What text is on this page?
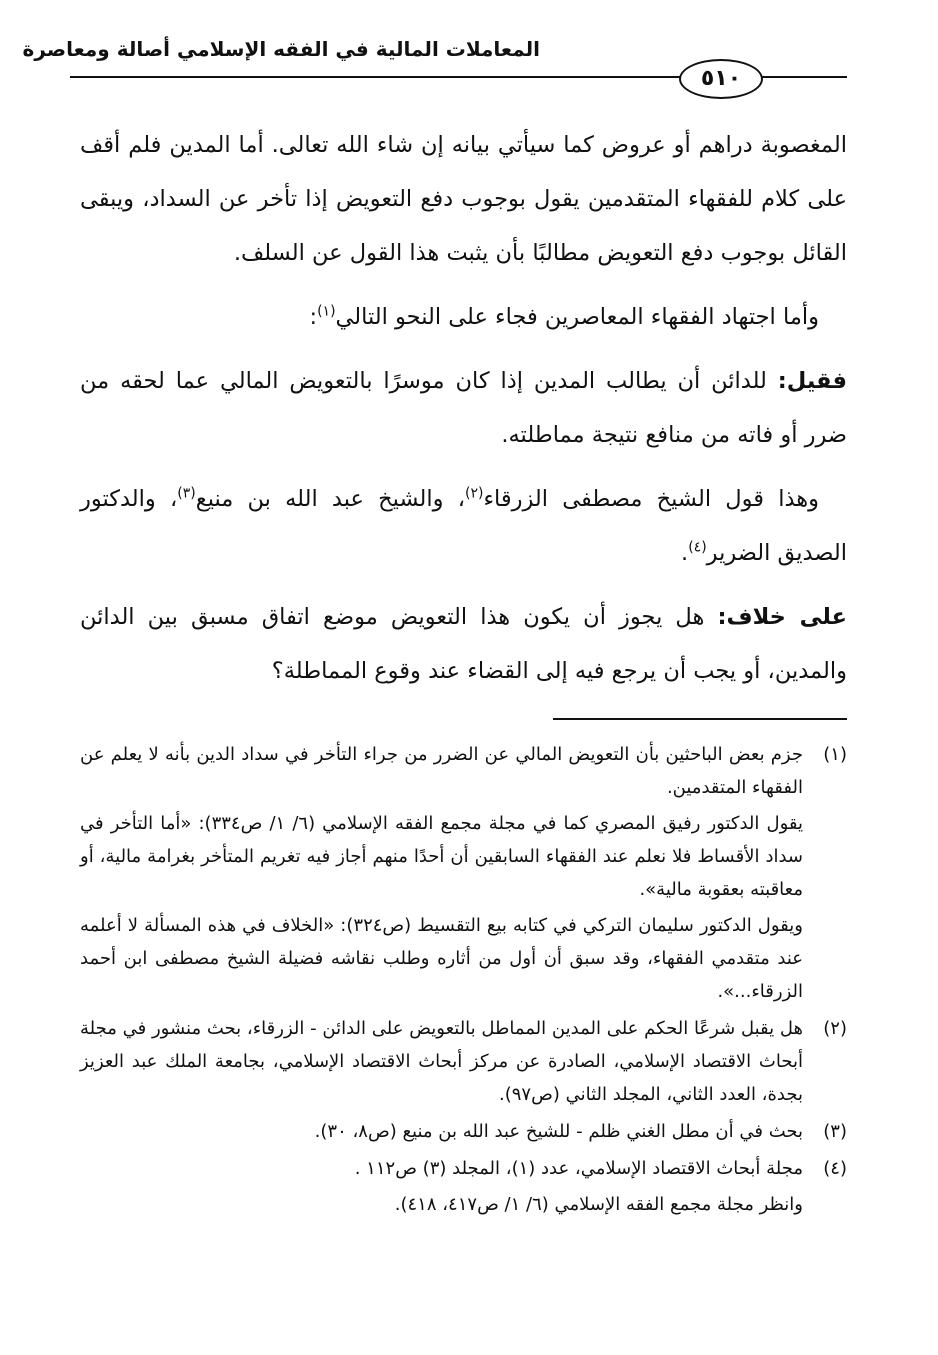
المعاملات المالية في الفقه الإسلامي أصالة ومعاصرة
٥١٠

المغصوبة دراهم أو عروض كما سيأتي بيانه إن شاء الله تعالى. أما المدين فلم أقف على كلام للفقهاء المتقدمين يقول بوجوب دفع التعويض إذا تأخر عن السداد، ويبقى القائل بوجوب دفع التعويض مطالبًا بأن يثبت هذا القول عن السلف.

وأما اجتهاد الفقهاء المعاصرين فجاء على النحو التالي$^{(١)}$:

فقيل: للدائن أن يطالب المدين إذا كان موسرًا بالتعويض المالي عما لحقه من ضرر أو فاته من منافع نتيجة مماطلته.

وهذا قول الشيخ مصطفى الزرقاء$^{(٢)}$، والشيخ عبد الله بن منيع$^{(٣)}$، والدكتور الصديق الضرير$^{(٤)}$.

على خلاف: هل يجوز أن يكون هذا التعويض موضع اتفاق مسبق بين الدائن والمدين، أو يجب أن يرجع فيه إلى القضاء عند وقوع المماطلة؟

(١)

جزم بعض الباحثين بأن التعويض المالي عن الضرر من جراء التأخر في سداد الدين بأنه لا يعلم عن الفقهاء المتقدمين.

يقول الدكتور رفيق المصري كما في مجلة مجمع الفقه الإسلامي (٦/ ١/ ص٣٣٤): «أما التأخر في سداد الأقساط فلا نعلم عند الفقهاء السابقين أن أحدًا منهم أجاز فيه تغريم المتأخر بغرامة مالية، أو معاقبته بعقوبة مالية».

ويقول الدكتور سليمان التركي في كتابه بيع التقسيط (ص٣٢٤): «الخلاف في هذه المسألة لا أعلمه عند متقدمي الفقهاء، وقد سبق أن أول من أثاره وطلب نقاشه فضيلة الشيخ مصطفى ابن أحمد الزرقاء...».

(٢)

هل يقبل شرعًا الحكم على المدين المماطل بالتعويض على الدائن - الزرقاء، بحث منشور في مجلة أبحاث الاقتصاد الإسلامي، الصادرة عن مركز أبحاث الاقتصاد الإسلامي، بجامعة الملك عبد العزيز بجدة، العدد الثاني، المجلد الثاني (ص٩٧).

(٣)

بحث في أن مطل الغني ظلم - للشيخ عبد الله بن منيع (ص٨، ٣٠).

(٤)

مجلة أبحاث الاقتصاد الإسلامي، عدد (١)، المجلد (٣) ص١١٢ .

وانظر مجلة مجمع الفقه الإسلامي (٦/ ١/ ص٤١٧، ٤١٨).
